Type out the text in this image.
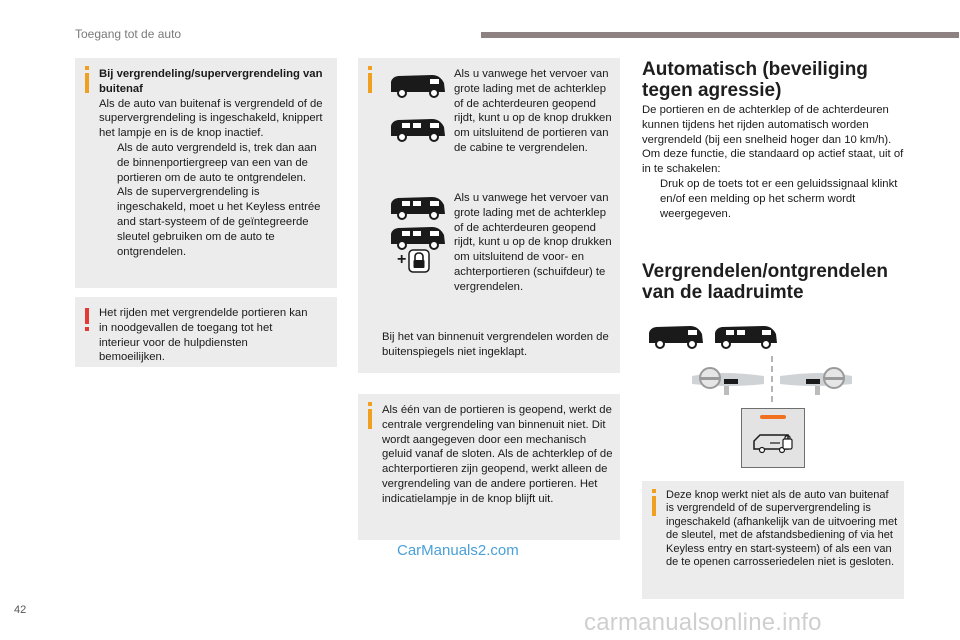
Toegang tot de auto
Bij vergrendeling/supervergrendeling van buitenaf
Als de auto van buitenaf is vergrendeld of de supervergrendeling is ingeschakeld, knippert het lampje en is de knop inactief.
Als de auto vergrendeld is, trek dan aan de binnenportiergreep van een van de portieren om de auto te ontgrendelen.
Als de supervergrendeling is ingeschakeld, moet u het Keyless entrée and start-systeem of de geïntegreerde sleutel gebruiken om de auto te ontgrendelen.
Het rijden met vergrendelde portieren kan in noodgevallen de toegang tot het interieur voor de hulpdiensten bemoeilijken.
Als u vanwege het vervoer van grote lading met de achterklep of de achterdeuren geopend rijdt, kunt u op de knop drukken om uitsluitend de portieren van de cabine te vergrendelen.
+
Als u vanwege het vervoer van grote lading met de achterklep of de achterdeuren geopend rijdt, kunt u op de knop drukken om uitsluitend de voor- en achterportieren (schuifdeur) te vergrendelen.
Bij het van binnenuit vergrendelen worden de buitenspiegels niet ingeklapt.
Als één van de portieren is geopend, werkt de centrale vergrendeling van binnenuit niet. Dit wordt aangegeven door een mechanisch geluid vanaf de sloten. Als de achterklep of de achterportieren zijn geopend, werkt alleen de vergrendeling van de andere portieren. Het indicatielampje in de knop blijft uit.
Automatisch (beveiliging tegen agressie)
De portieren en de achterklep of de achterdeuren kunnen tijdens het rijden automatisch worden vergrendeld (bij een snelheid hoger dan 10 km/h).
Om deze functie, die standaard op actief staat, uit of in te schakelen:
Druk op de toets tot er een geluidssignaal klinkt en/of een melding op het scherm wordt weergegeven.
Vergrendelen/ontgrendelen van de laadruimte
Deze knop werkt niet als de auto van buitenaf is vergrendeld of de supervergrendeling is ingeschakeld (afhankelijk van de uitvoering met de sleutel, met de afstandsbediening of via het Keyless entry en start-systeem) of als een van de te openen carrosseriedelen niet is gesloten.
42
CarManuals2.com
carmanualsonline.info
